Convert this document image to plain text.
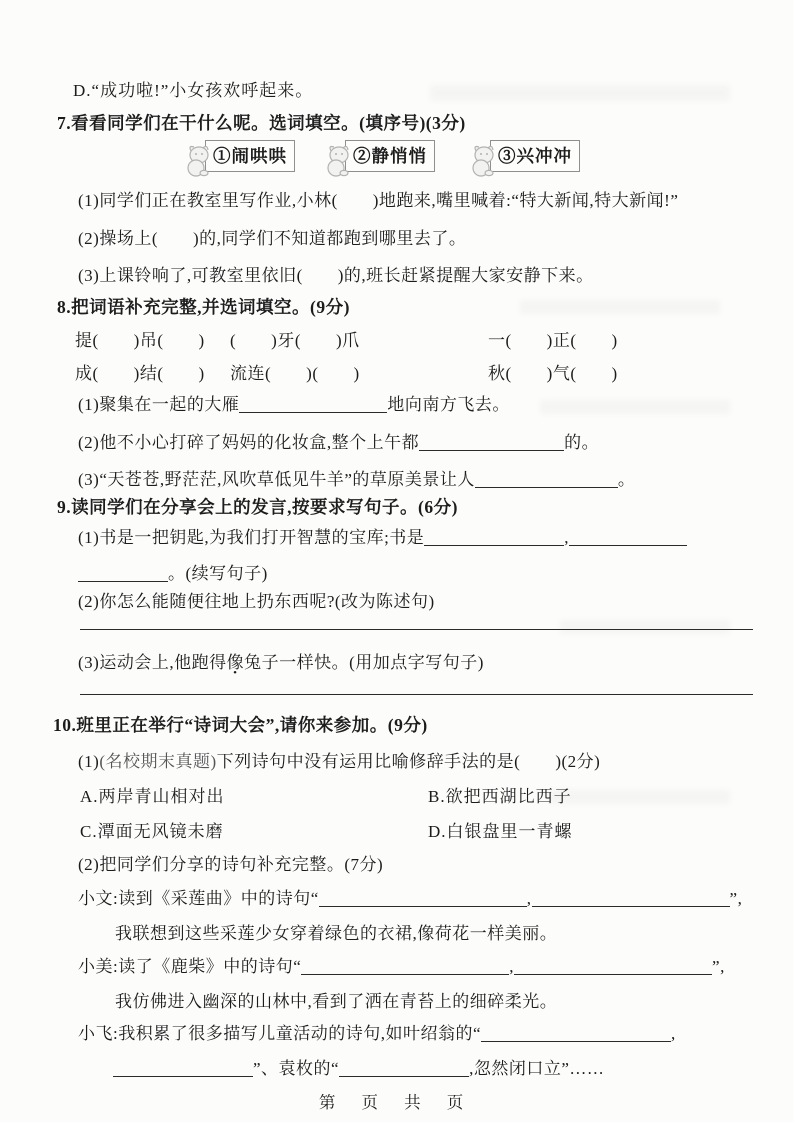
D.“成功啦!”小女孩欢呼起来。
7.看看同学们在干什么呢。选词填空。(填序号)(3分)
①闹哄哄	②静悄悄	③兴冲冲
(1)同学们正在教室里写作业,小林(　　)地跑来,嘴里喊着:“特大新闻,特大新闻!”
(2)操场上(　　)的,同学们不知道都跑到哪里去了。
(3)上课铃响了,可教室里依旧(　　)的,班长赶紧提醒大家安静下来。
8.把词语补充完整,并选词填空。(9分)
提(　　)吊(　　) (　　)牙(　　)爪	一(　　)正(　　)
成(　　)结(　　) 流连(　　)(　　)	秋(　　)气(　　)
(1)聚集在一起的大雁	地向南方飞去。
(2)他不小心打碎了妈妈的化妆盒,整个上午都	的。
(3)“天苍苍,野茫茫,风吹草低见牛羊”的草原美景让人	。
9.读同学们在分享会上的发言,按要求写句子。(6分)
(1)书是一把钥匙,为我们打开智慧的宝库;书是	,
。(续写句子)
(2)你怎么能随便往地上扔东西呢?(改为陈述句)
(3)运动会上,他跑得像兔子一样快。(用加点字写句子)
10.班里正在举行“诗词大会”,请你来参加。(9分)
(1)(名校期末真题)下列诗句中没有运用比喻修辞手法的是(　　)(2分)
A.两岸青山相对出	B.欲把西湖比西子
C.潭面无风镜未磨	D.白银盘里一青螺
(2)把同学们分享的诗句补充完整。(7分)
小文:读到《采莲曲》中的诗句“	,	”,
我联想到这些采莲少女穿着绿色的衣裙,像荷花一样美丽。
小美:读了《鹿柴》中的诗句“	,	”,
我仿佛进入幽深的山林中,看到了洒在青苔上的细碎柔光。
小飞:我积累了很多描写儿童活动的诗句,如叶绍翁的“	,
”、袁枚的“	,忽然闭口立”……
第 页 共 页
